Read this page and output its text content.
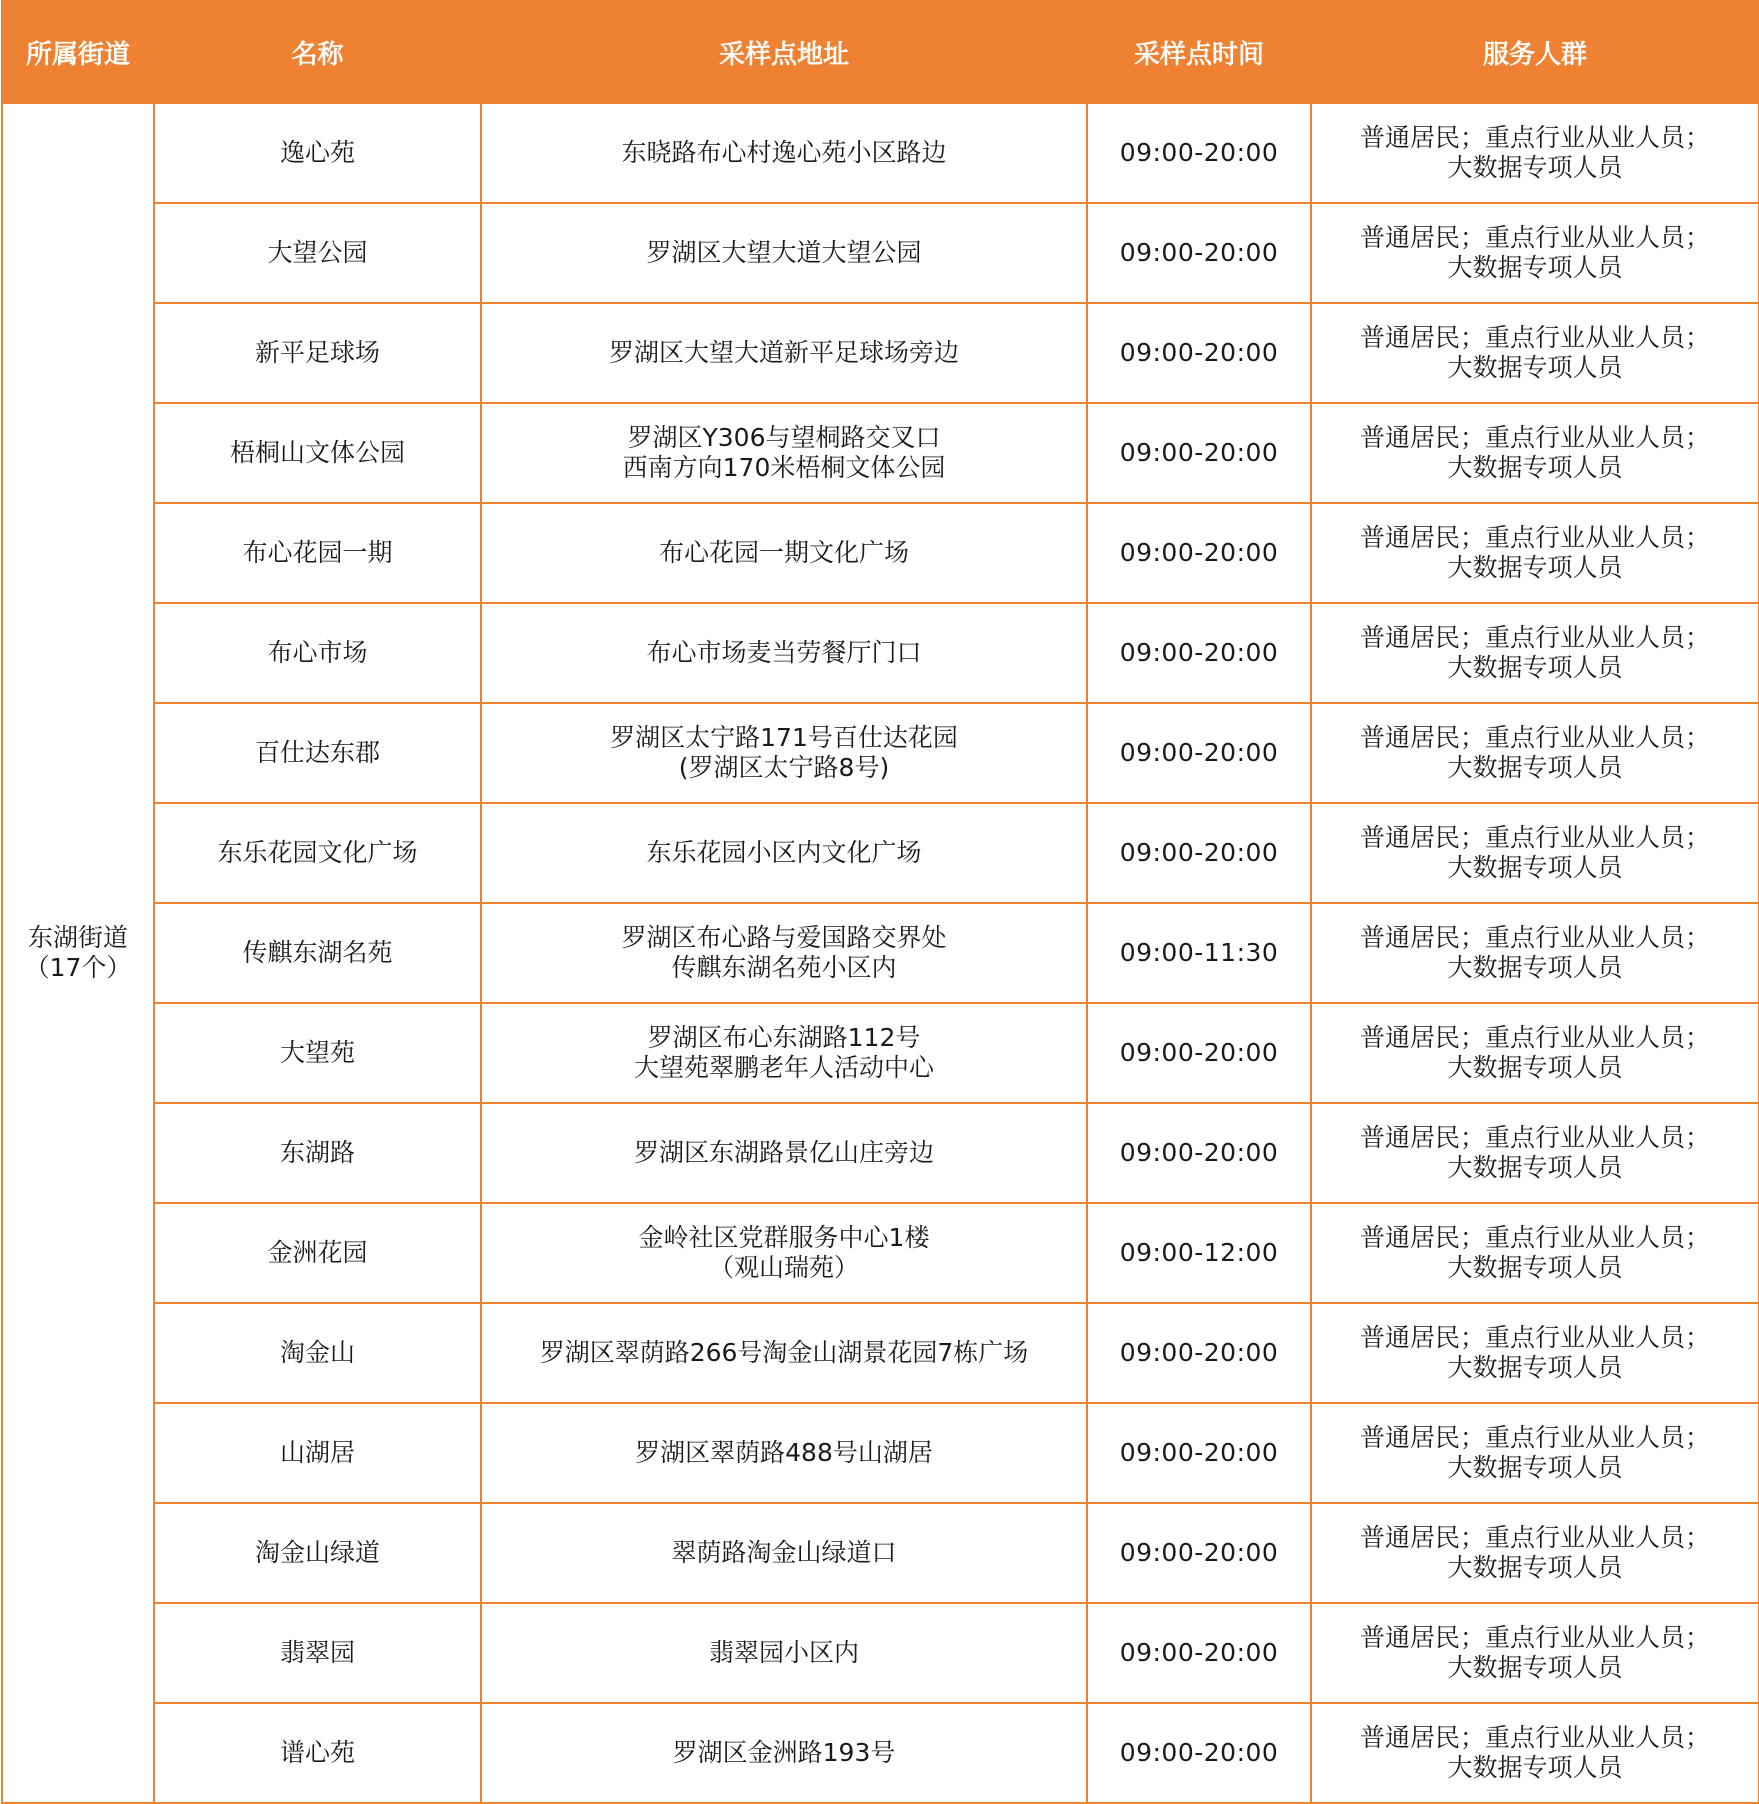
所属街道	名称	采样点地址	采样点时间	服务人群

东湖街道
（17个）	逸心苑	东晓路布心村逸心苑小区路边	09:00-20:00	普通居民；重点行业从业人员；
大数据专项人员

	大望公园	罗湖区大望大道大望公园	09:00-20:00	普通居民；重点行业从业人员；
大数据专项人员

	新平足球场	罗湖区大望大道新平足球场旁边	09:00-20:00	普通居民；重点行业从业人员；
大数据专项人员

	梧桐山文体公园	罗湖区Y306与望桐路交叉口
西南方向170米梧桐文体公园	09:00-20:00	普通居民；重点行业从业人员；
大数据专项人员

	布心花园一期	布心花园一期文化广场	09:00-20:00	普通居民；重点行业从业人员；
大数据专项人员

	布心市场	布心市场麦当劳餐厅门口	09:00-20:00	普通居民；重点行业从业人员；
大数据专项人员

	百仕达东郡	罗湖区太宁路171号百仕达花园
(罗湖区太宁路8号)	09:00-20:00	普通居民；重点行业从业人员；
大数据专项人员

	东乐花园文化广场	东乐花园小区内文化广场	09:00-20:00	普通居民；重点行业从业人员；
大数据专项人员

	传麒东湖名苑	罗湖区布心路与爱国路交界处
传麒东湖名苑小区内	09:00-11:30	普通居民；重点行业从业人员；
大数据专项人员

	大望苑	罗湖区布心东湖路112号
大望苑翠鹏老年人活动中心	09:00-20:00	普通居民；重点行业从业人员；
大数据专项人员

	东湖路	罗湖区东湖路景亿山庄旁边	09:00-20:00	普通居民；重点行业从业人员；
大数据专项人员

	金洲花园	金岭社区党群服务中心1楼
（观山瑞苑）	09:00-12:00	普通居民；重点行业从业人员；
大数据专项人员

	淘金山	罗湖区翠荫路266号淘金山湖景花园7栋广场	09:00-20:00	普通居民；重点行业从业人员；
大数据专项人员

	山湖居	罗湖区翠荫路488号山湖居	09:00-20:00	普通居民；重点行业从业人员；
大数据专项人员

	淘金山绿道	翠荫路淘金山绿道口	09:00-20:00	普通居民；重点行业从业人员；
大数据专项人员

	翡翠园	翡翠园小区内	09:00-20:00	普通居民；重点行业从业人员；
大数据专项人员

	谱心苑	罗湖区金洲路193号	09:00-20:00	普通居民；重点行业从业人员；
大数据专项人员
